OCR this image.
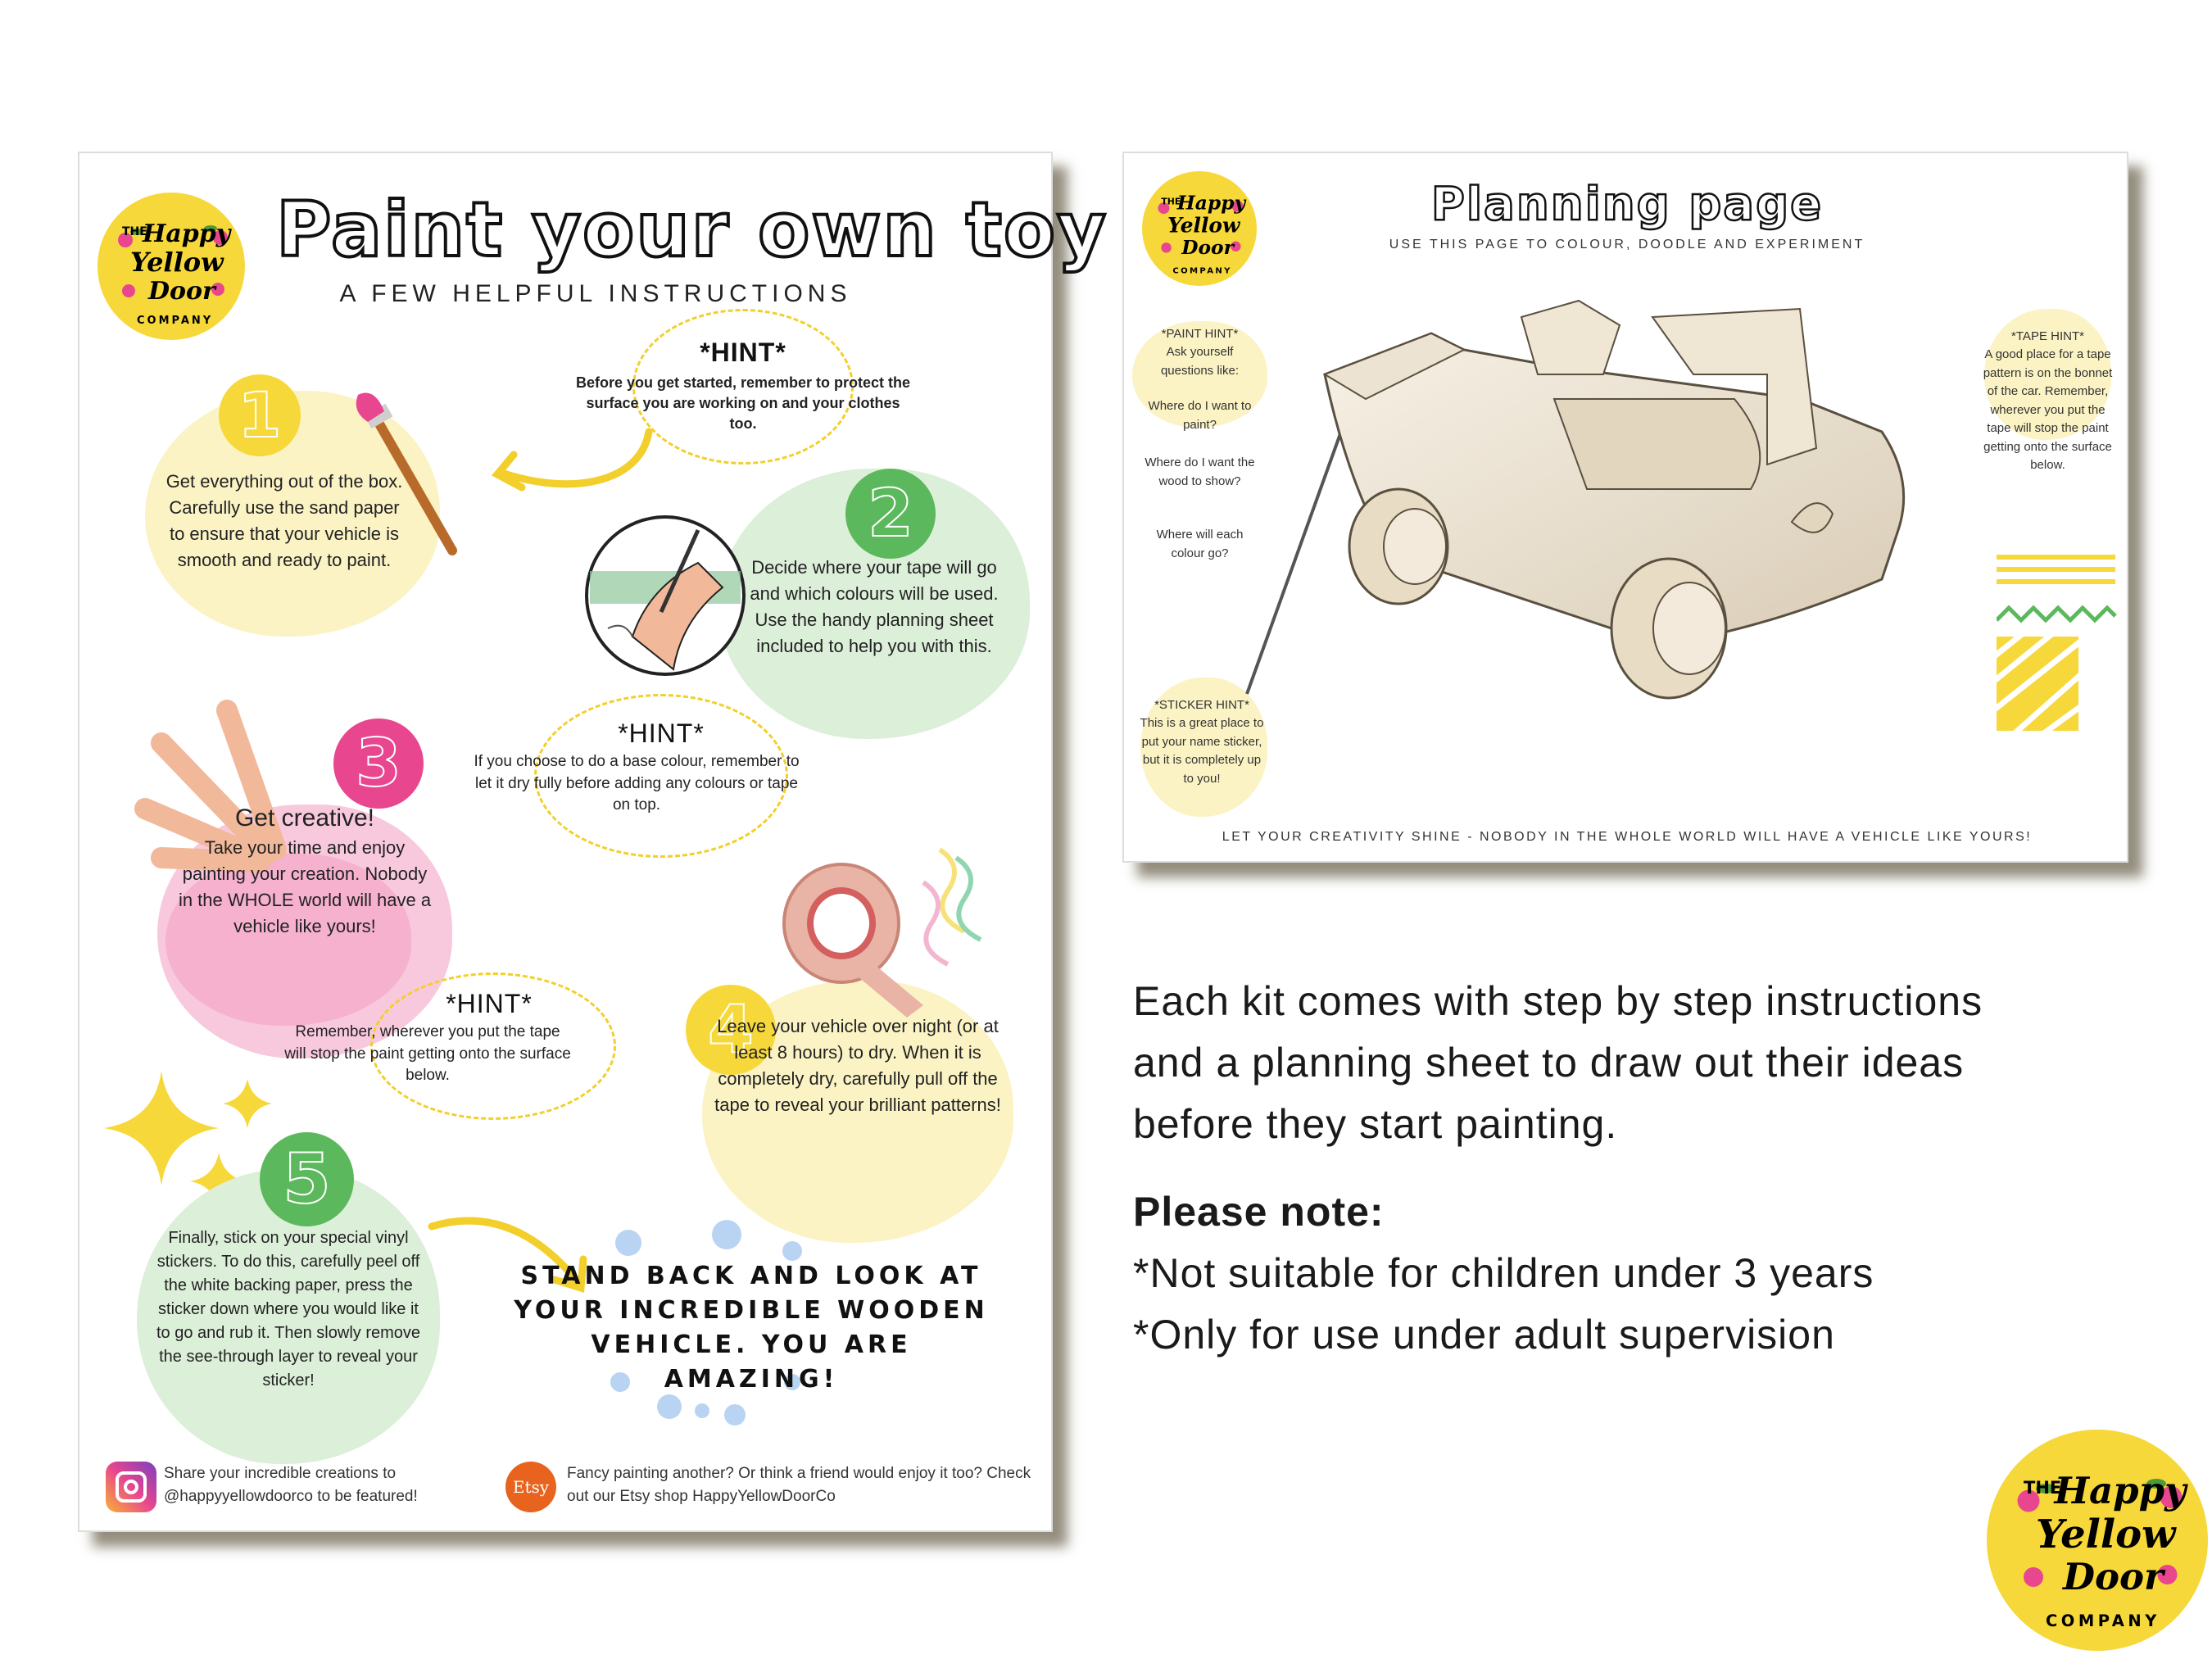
THE
Happy
Yellow
Door
COMPANY
Paint your own toy
A FEW HELPFUL INSTRUCTIONS
*HINT*
Before you get started, remember to protect the surface you are working on and your clothes too.
1
Get everything out of the box. Carefully use the sand paper to ensure that your vehicle is smooth and ready to paint.
2
Decide where your tape will go and which colours will be used. Use the handy planning sheet included to help you with this.
*HINT*
If you choose to do a base colour, remember to let it dry fully before adding any colours or tape on top.
3
Get creative!
Take your time and enjoy painting your creation. Nobody in the WHOLE world will have a vehicle like yours!
*HINT*
Remember, wherever you put the tape will stop the paint getting onto the surface below.
4
Leave your vehicle over night (or at least 8 hours) to dry. When it is completely dry, carefully pull off the tape to reveal your brilliant patterns!
5
Finally, stick on your special vinyl stickers. To do this, carefully peel off the white backing paper, press the sticker down where you would like it to go and rub it. Then slowly remove the see-through layer to reveal your sticker!
STAND BACK AND LOOK AT YOUR INCREDIBLE WOODEN VEHICLE. YOU ARE AMAZING!
Share your incredible creations to @happyyellowdoorco to be featured!	Etsy
Fancy painting another? Or think a friend would enjoy it too? Check out our Etsy shop HappyYellowDoorCo
THE
Happy
Yellow
Door
COMPANY
Planning page
USE THIS PAGE TO COLOUR, DOODLE AND EXPERIMENT
*PAINT HINT*
Ask yourself questions like:
Where do I want to paint?
Where do I want the wood to show?
Where will each colour go?
*STICKER HINT*
This is a great place to put your name sticker, but it is completely up to you!
*TAPE HINT*
A good place for a tape pattern is on the bonnet of the car. Remember, wherever you put the tape will stop the paint getting onto the surface below.
LET YOUR CREATIVITY SHINE - NOBODY IN THE WHOLE WORLD WILL HAVE A VEHICLE LIKE YOURS!
Each kit comes with step by step instructions
and a planning sheet to draw out their ideas
before they start painting.
Please note:
*Not suitable for children under 3 years
*Only for use under adult supervision
THE
Happy
Yellow
Door
COMPANY
